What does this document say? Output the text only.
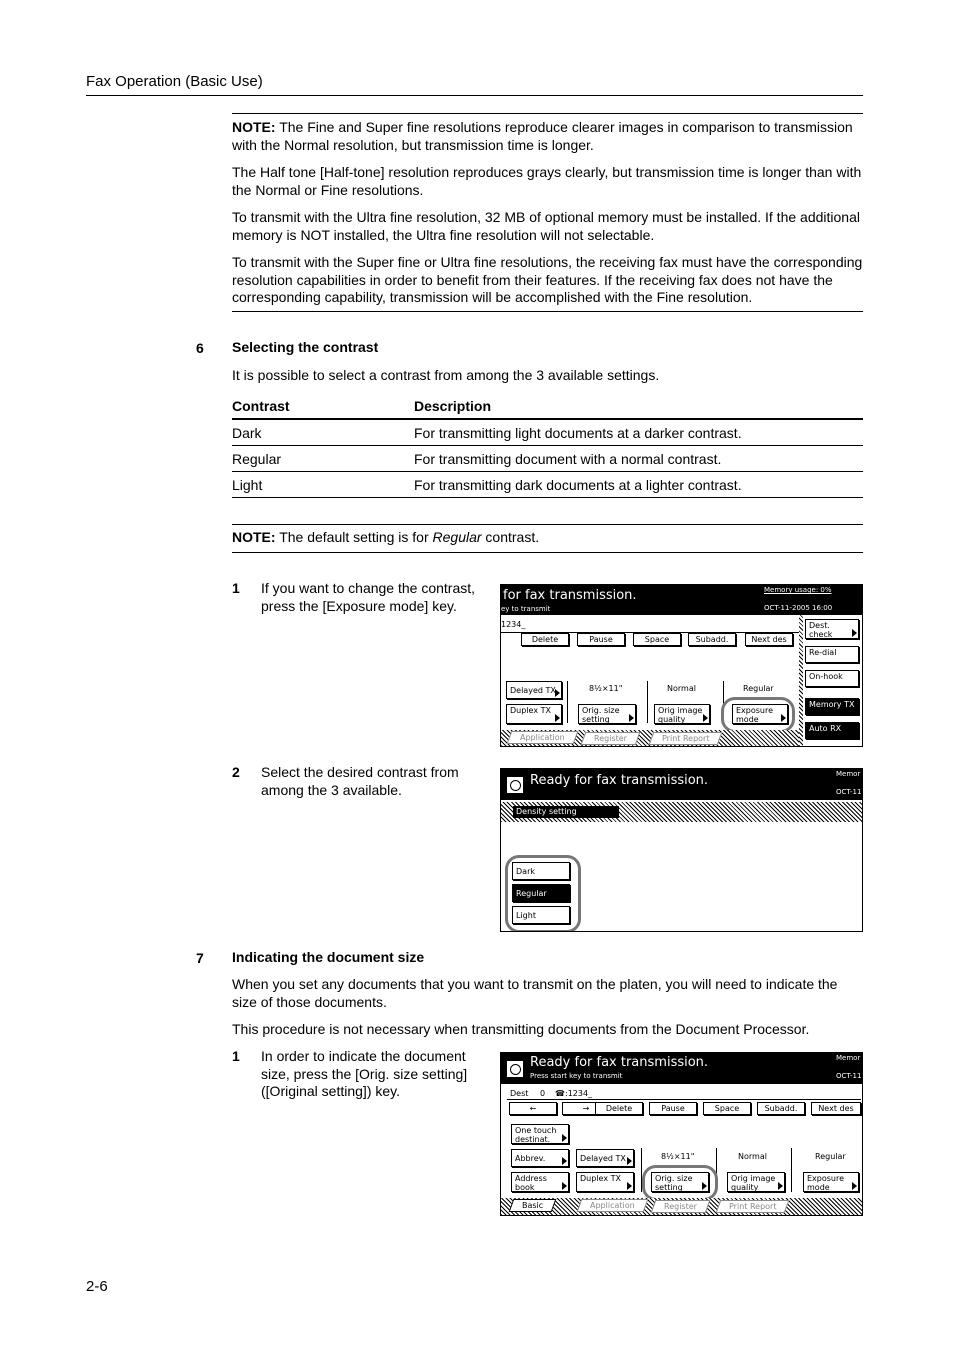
Fax Operation (Basic Use)
NOTE: The Fine and Super fine resolutions reproduce clearer images in comparison to transmission with the Normal resolution, but transmission time is longer.
The Half tone [Half-tone] resolution reproduces grays clearly, but transmission time is longer than with the Normal or Fine resolutions.
To transmit with the Ultra fine resolution, 32 MB of optional memory must be installed. If the additional memory is NOT installed, the Ultra fine resolution will not selectable.
To transmit with the Super fine or Ultra fine resolutions, the receiving fax must have the corresponding resolution capabilities in order to benefit from their features. If the receiving fax does not have the corresponding capability, transmission will be accomplished with the Fine resolution.
6 Selecting the contrast
It is possible to select a contrast from among the 3 available settings.
Contrast	Description
Dark	For transmitting light documents at a darker contrast.
Regular	For transmitting document with a normal contrast.
Light	For transmitting dark documents at a lighter contrast.
NOTE: The default setting is for Regular contrast.
1 If you want to change the contrast, press the [Exposure mode] key.
2 Select the desired contrast from among the 3 available.
for fax transmission.
ey to transmit
Memory usage: 0%
OCT-11-2005 16:00
1234_
Delete	Pause	Space	Subadd.	Next des
Dest. check
Re-dial
On-hook
Memory TX
Auto RX
Delayed TX	8½×11"	Normal	Regular
Duplex TX	Orig. size setting
Orig image quality
Exposure mode
Application	Register	Print Report
Ready for fax transmission.	Memor
OCT-11
Density setting
Dark
Regular
Light
7 Indicating the document size
When you set any documents that you want to transmit on the platen, you will need to indicate the size of those documents.
This procedure is not necessary when transmitting documents from the Document Processor.
1 In order to indicate the document size, press the [Orig. size setting] ([Original setting]) key.
Ready for fax transmission.
Press start key to transmit
Memor
OCT-11
Dest 0 ☎ :1234_
←	→	Delete	Pause	Space	Subadd.	Next des
One touch destinat.
Abbrev.
Address book
Delayed TX	8½×11"	Normal	Regular
Duplex TX	Orig. size setting
Orig image quality
Exposure mode
Basic	Application	Register	Print Report
2-6
